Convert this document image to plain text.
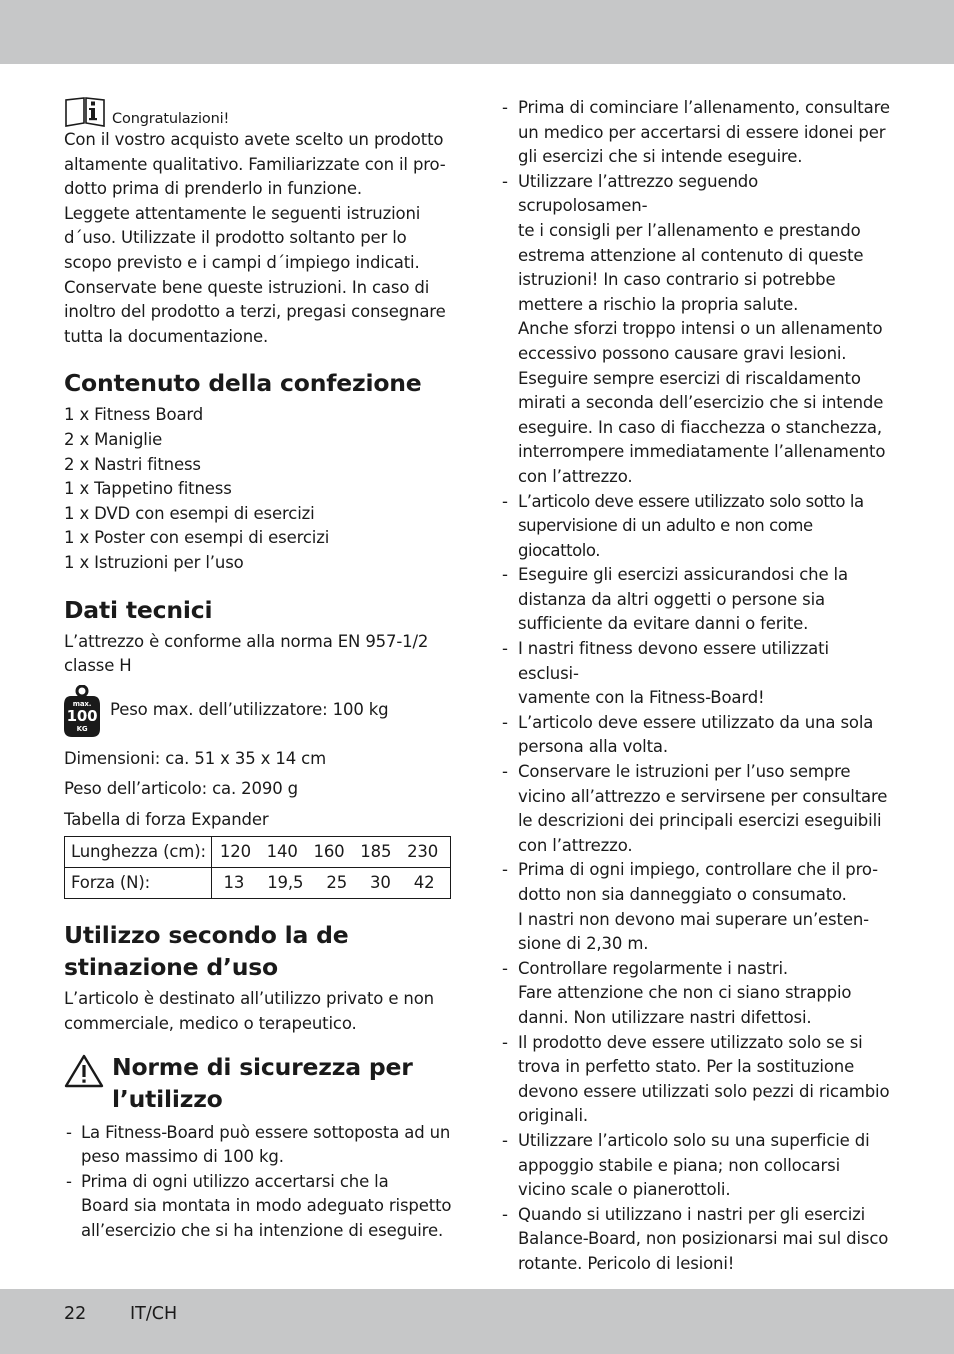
Congratulazioni!

Con il vostro acquisto avete scelto un prodotto

altamente qualitativo. Familiarizzate con il pro-

dotto prima di prenderlo in funzione.

Leggete attentamente le seguenti istruzioni

d´uso. Utilizzate il prodotto soltanto per lo

scopo previsto e i campi d´impiego indicati.

Conservate bene queste istruzioni. In caso di

inoltro del prodotto a terzi, pregasi consegnare

tutta la documentazione.

Contenuto della confezione

1 x Fitness Board

2 x Maniglie

2 x Nastri fitness

1 x Tappetino fitness

1 x DVD con esempi di esercizi

1 x Poster con esempi di esercizi

1 x Istruzioni per l’uso

Dati tecnici

L’attrezzo è conforme alla norma EN 957-1/2

classe H

max.
100
KG
Peso max. dell’utilizzatore: 100 kg

Dimensioni: ca. 51 x 35 x 14 cm

Peso dell’articolo: ca. 2090 g

Tabella di forza Expander

Lunghezza (cm):	120 140 160 185 230

Forza (N):	13 19,5 25 30 42
Utilizzo secondo la de
stinazione d’uso

L’articolo è destinato all’utilizzo privato e non

commerciale, medico o terapeutico.

Norme di sicurezza per
l’utilizzo
- La Fitness-Board può essere sottoposta ad un
peso massimo di 100 kg.
- Prima di ogni utilizzo accertarsi che la
Board sia montata in modo adeguato rispetto
all’esercizio che si ha intenzione di eseguire.
- Prima di cominciare l’allenamento, consultare
un medico per accertarsi di essere idonei per
gli esercizi che si intende eseguire.
- Utilizzare l’attrezzo seguendo scrupolosamen-
te i consigli per l’allenamento e prestando
estrema attenzione al contenuto di queste
istruzioni! In caso contrario si potrebbe
mettere a rischio la propria salute.
Anche sforzi troppo intensi o un allenamento
eccessivo possono causare gravi lesioni.
Eseguire sempre esercizi di riscaldamento
mirati a seconda dell’esercizio che si intende
eseguire. In caso di fiacchezza o stanchezza,
interrompere immediatamente l’allenamento
con l’attrezzo.
- L’articolo deve essere utilizzato solo sotto la
supervisione di un adulto e non come giocattolo.
- Eseguire gli esercizi assicurandosi che la
distanza da altri oggetti o persone sia
sufficiente da evitare danni o ferite.
- I nastri fitness devono essere utilizzati esclusi-
vamente con la Fitness-Board!
- L’articolo deve essere utilizzato da una sola
persona alla volta.
- Conservare le istruzioni per l’uso sempre
vicino all’attrezzo e servirsene per consultare
le descrizioni dei principali esercizi eseguibili
con l’attrezzo.
- Prima di ogni impiego, controllare che il pro-
dotto non sia danneggiato o consumato.
I nastri non devono mai superare un’esten-
sione di 2,30 m.
- Controllare regolarmente i nastri.
Fare attenzione che non ci siano strappio
danni. Non utilizzare nastri difettosi.
- Il prodotto deve essere utilizzato solo se si
trova in perfetto stato. Per la sostituzione
devono essere utilizzati solo pezzi di ricambio
originali.
- Utilizzare l’articolo solo su una superficie di
appoggio stabile e piana; non collocarsi
vicino scale o pianerottoli.
- Quando si utilizzano i nastri per gli esercizi
Balance-Board, non posizionarsi mai sul disco
rotante. Pericolo di lesioni!
22 IT/CH
